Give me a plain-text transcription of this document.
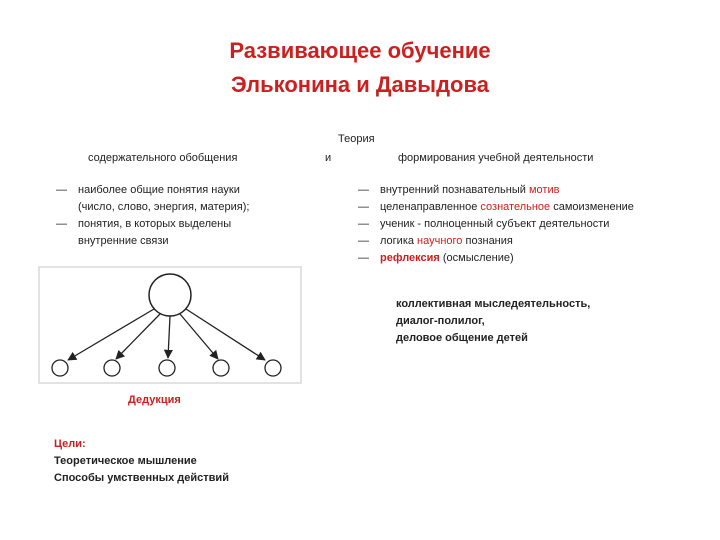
Развивающее обучение
Эльконина и Давыдова
Теория
содержательного обобщения	и	формирования учебной деятельности
— наиболее общие понятия науки
(число, слово, энергия, материя);
— понятия, в которых выделены
внутренние связи
— внутренний познавательный мотив
— целенаправленное сознательное самоизменение
— ученик - полноценный субъект деятельности
— логика научного познания
— рефлексия (осмысление)
коллективная мыследеятельность,
диалог-полилог,
деловое общение детей
Дедукция
Цели:
Теоретическое мышление
Способы умственных действий
